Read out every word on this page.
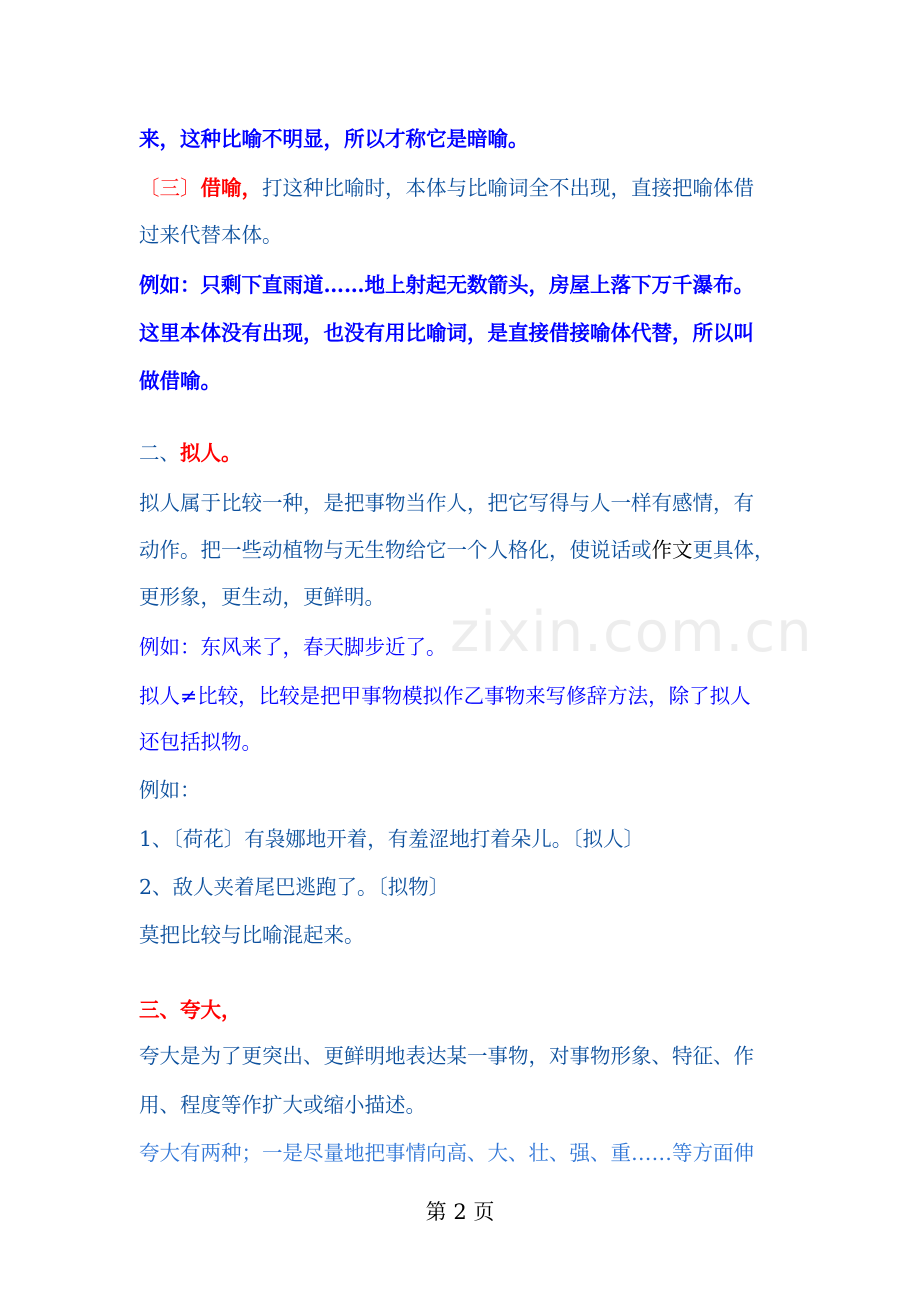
来，这种比喻不明显，所以才称它是暗喻。
〔三〕借喻，打这种比喻时，本体与比喻词全不出现，直接把喻体借
过来代替本体。
例如：只剩下直雨道……地上射起无数箭头，房屋上落下万千瀑布。
这里本体没有出现，也没有用比喻词，是直接借接喻体代替，所以叫
做借喻。
二、拟人。
拟人属于比较一种，是把事物当作人，把它写得与人一样有感情，有
动作。把一些动植物与无生物给它一个人格化，使说话或作文更具体，
更形象，更生动，更鲜明。
例如：东风来了，春天脚步近了。
拟人≠比较，比较是把甲事物模拟作乙事物来写修辞方法，除了拟人
还包括拟物。
例如：
1、〔荷花〕有袅娜地开着，有羞涩地打着朵儿。〔拟人〕
2、敌人夹着尾巴逃跑了。〔拟物〕
莫把比较与比喻混起来。
三、夸大，
夸大是为了更突出、更鲜明地表达某一事物，对事物形象、特征、作
用、程度等作扩大或缩小描述。
夸大有两种；一是尽量地把事情向高、大、壮、强、重……等方面伸
zixin.com.cn
第 2 页
